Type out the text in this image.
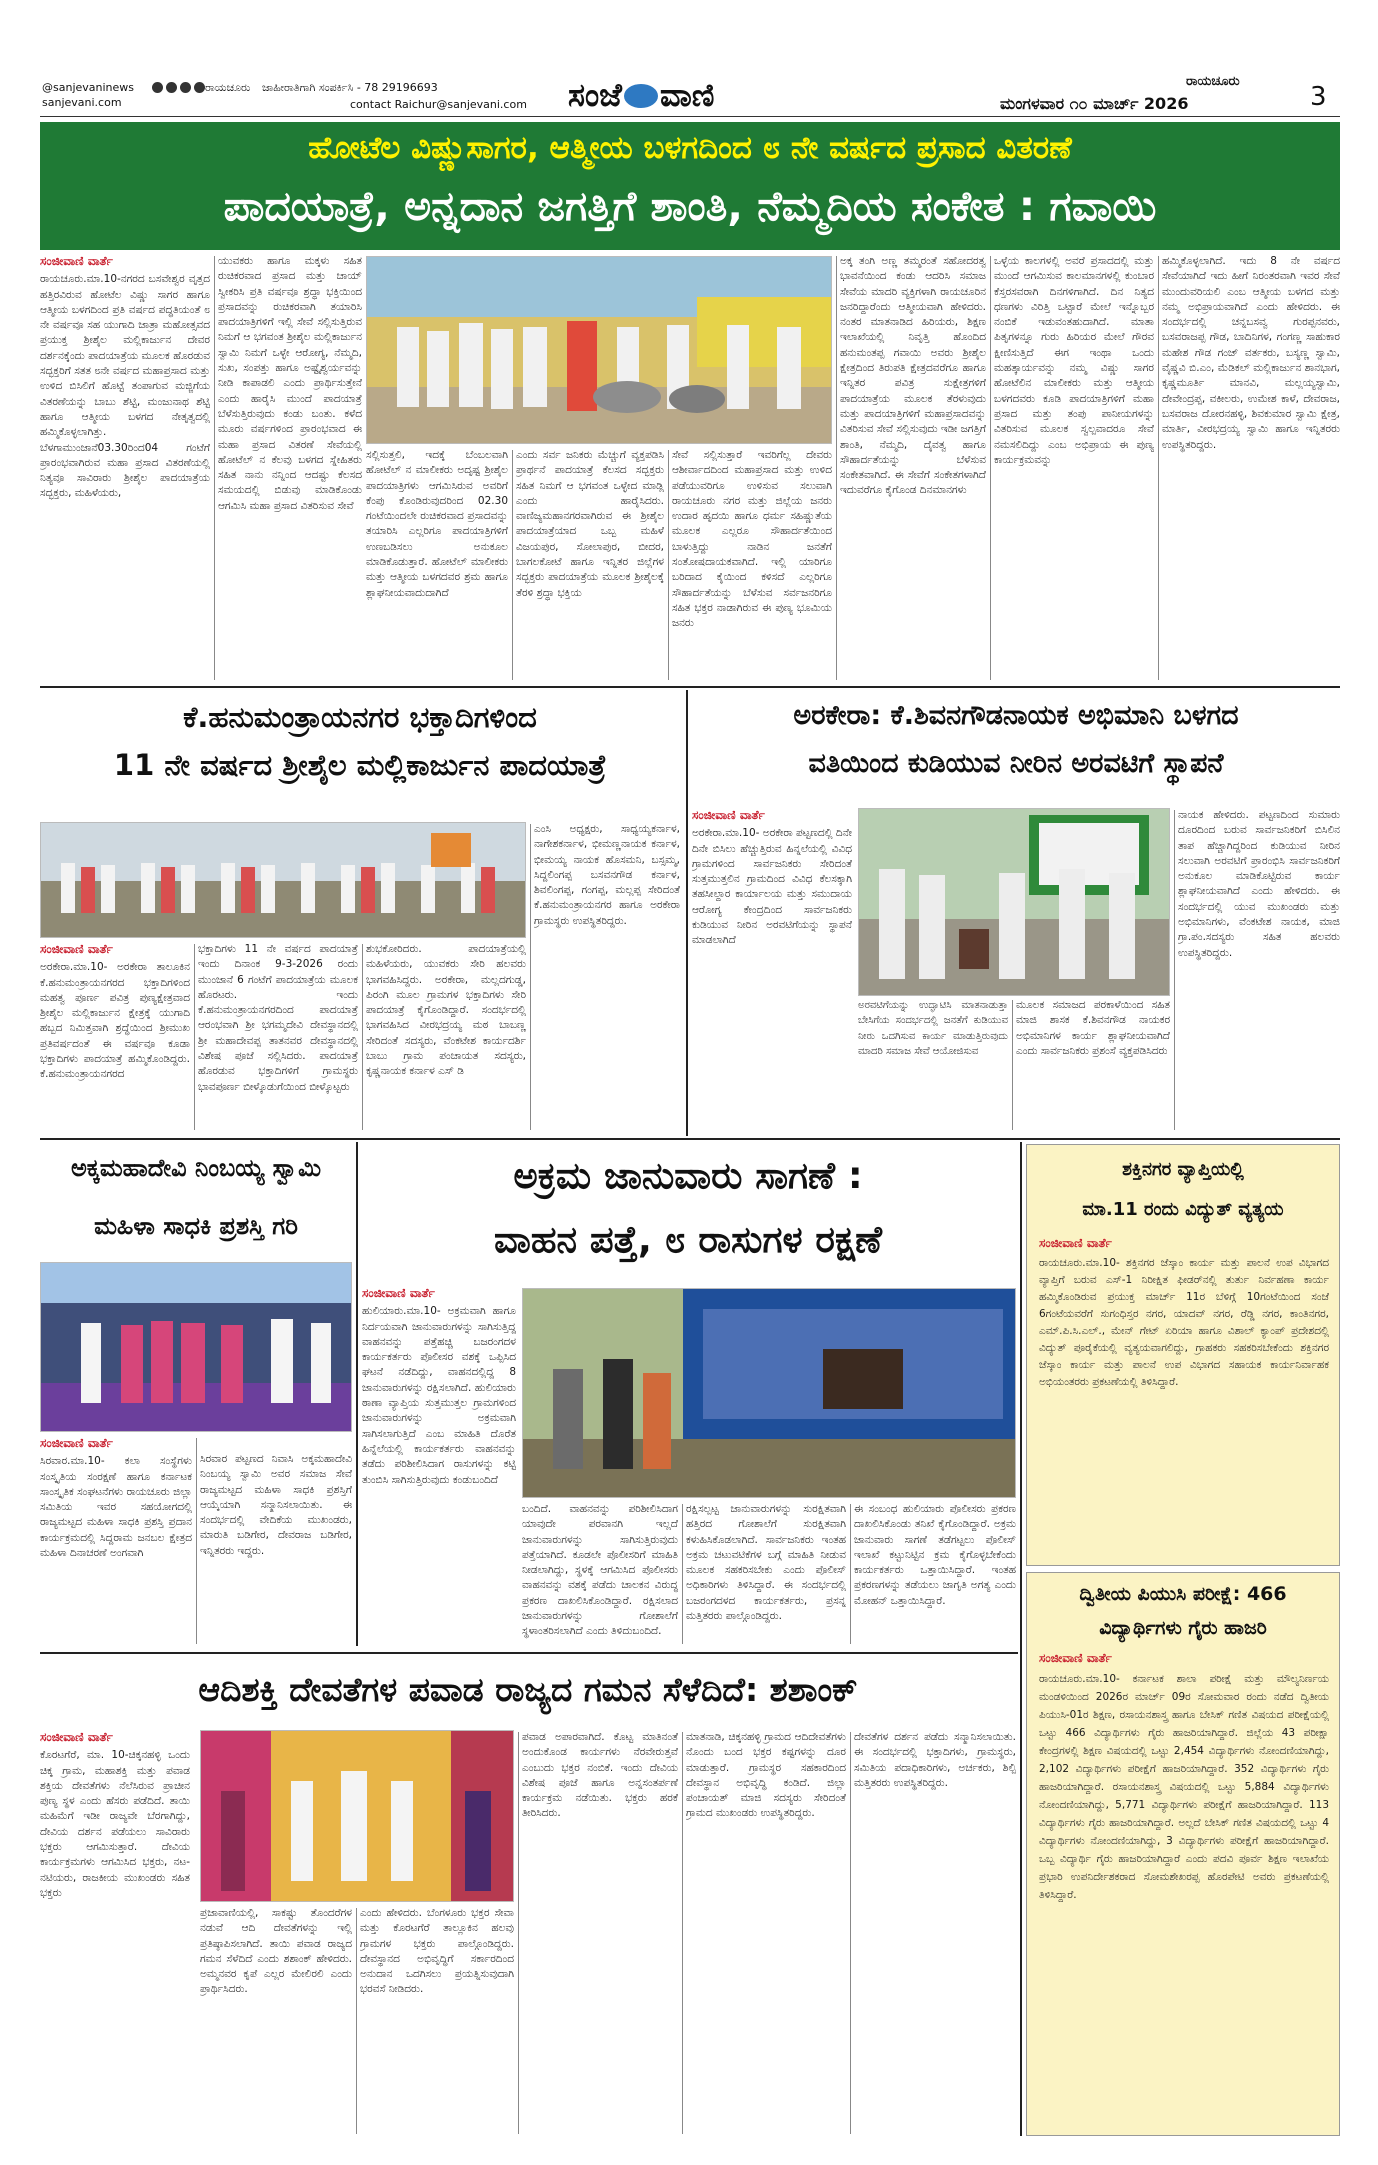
@sanjevaninews
sanjevani.com
ರಾಯಚೂರು ಜಾಹೀರಾತಿಗಾಗಿ ಸಂಪರ್ಕಿಸಿ - 78 29196693
contact Raichur@sanjevani.com ಸಂಜೆ ವಾಣಿ	ರಾಯಚೂರು
ಮಂಗಳವಾರ ೧೦ ಮಾರ್ಚ್ 2026	3
ಹೋಟೆಲ ವಿಷ್ಣುಸಾಗರ, ಆತ್ಮೀಯ ಬಳಗದಿಂದ ೮ ನೇ ವರ್ಷದ ಪ್ರಸಾದ ವಿತರಣೆ
ಪಾದಯಾತ್ರೆ, ಅನ್ನದಾನ ಜಗತ್ತಿಗೆ ಶಾಂತಿ, ನೆಮ್ಮದಿಯ ಸಂಕೇತ : ಗವಾಯಿ
ಸಂಜೀವಾಣಿ ವಾರ್ತೆ

ರಾಯಚೂರು.ಮಾ.10-ನಗರದ ಬಸವೇಶ್ವರ ವೃತ್ತದ ಹತ್ತಿರವಿರುವ ಹೋಟೆಲ ವಿಷ್ಣು ಸಾಗರ ಹಾಗೂ ಆತ್ಮೀಯ ಬಳಗದಿಂದ ಪ್ರತಿ ವರ್ಷದ ಪದ್ಧತಿಯಂತೆ ೮ ನೇ ವರ್ಷವೂ ಸಹ ಯುಗಾದಿ ಜಾತ್ರಾ ಮಹೋತ್ಸವದ ಪ್ರಯುಕ್ತ ಶ್ರೀಶೈಲ ಮಲ್ಲಿಕಾರ್ಜುನ ದೇವರ ದರ್ಶನಕ್ಕೆಂದು ಪಾದಯಾತ್ರೆಯ ಮೂಲಕ ಹೊರಡುವ ಸದ್ಭಕ್ತರಿಗೆ ಸತತ ೮ನೇ ವರ್ಷದ ಮಹಾಪ್ರಸಾದ ಮತ್ತು ಉಳಿದ ಬಿಸಿಲಿಗೆ ಹೊಟ್ಟೆ ತಂಪಾಗುವ ಮಜ್ಜಿಗೆಯ ವಿತರಣೆಯನ್ನು ಬಾಬು ಶೆಟ್ಟಿ, ಮಂಜುನಾಥ ಶೆಟ್ಟಿ ಹಾಗೂ ಆತ್ಮೀಯ ಬಳಗದ ನೇತೃತ್ವದಲ್ಲಿ ಹಮ್ಮಿಕೊಳ್ಳಲಾಗಿತ್ತು. ಬೆಳಗಾಮುಂಜಾನೆ03.30ರಿಂದ04 ಗಂಟೆಗೆ ಪ್ರಾರಂಭವಾಗಿರುವ ಮಹಾ ಪ್ರಸಾದ ವಿತರಣೆಯಲ್ಲಿ ನಿತ್ಯವೂ ಸಾವಿರಾರು ಶ್ರೀಶೈಲ ಪಾದಯಾತ್ರೆಯ ಸದ್ಭಕ್ತರು, ಮಹಿಳೆಯರು,

ಯುವಕರು ಹಾಗೂ ಮಕ್ಕಳು ಸಹಿತ ರುಚಿಕರವಾದ ಪ್ರಸಾದ ಮತ್ತು ಚಾಯ್ ಸ್ವೀಕರಿಸಿ ಪ್ರತಿ ವರ್ಷವೂ ಶ್ರದ್ಧಾ ಭಕ್ತಿಯಿಂದ ಪ್ರಸಾದವನ್ನು ರುಚಿಕರವಾಗಿ ತಯಾರಿಸಿ ಪಾದಯಾತ್ರಿಗಳಿಗೆ ಇಲ್ಲಿ ಸೇವೆ ಸಲ್ಲಿಸುತ್ತಿರುವ ನಿಮಗೆ ಆ ಭಗವಂತ ಶ್ರೀಶೈಲ ಮಲ್ಲಿಕಾರ್ಜುನ ಸ್ವಾಮಿ ನಿಮಗೆ ಒಳ್ಳೇ ಆರೋಗ್ಯ, ನೆಮ್ಮದಿ, ಸುಖ, ಸಂಪತ್ತು ಹಾಗೂ ಅಷ್ಟೈಶ್ವರ್ಯವನ್ನು ನೀಡಿ ಕಾಪಾಡಲಿ ಎಂದು ಪ್ರಾರ್ಥಿಸುತ್ತೇನೆ ಎಂದು ಹಾರೈಸಿ ಮುಂದೆ ಪಾದಯಾತ್ರೆ ಬೆಳೆಸುತ್ತಿರುವುದು ಕಂಡು ಬಂತು. ಕಳೆದ ಮೂರು ವರ್ಷಗಳಿಂದ ಪ್ರಾರಂಭವಾದ ಈ ಮಹಾ ಪ್ರಸಾದ ವಿತರಣೆ ಸೇವೆಯಲ್ಲಿ ಹೋಟೆಲ್ ನ ಕೆಲವು ಬಳಗದ ಸ್ನೇಹಿತರು ಸಹಿತ ನಾನು ನನ್ನಿಂದ ಆದಷ್ಟು ಕೆಲಸದ ಸಮಯದಲ್ಲಿ ಬಿಡುವು ಮಾಡಿಕೊಂಡು ಆಗಮಿಸಿ ಮಹಾ ಪ್ರಸಾದ ವಿತರಿಸುವ ಸೇವೆ

ಸಲ್ಲಿಸುತ್ತಲಿ, ಇದಕ್ಕೆ ಬೆಂಬಲವಾಗಿ ಹೋಟೆಲ್ ನ ಮಾಲೀಕರು ಅದೃಷ್ಟ ಶ್ರೀಶೈಲ ಪಾದಯಾತ್ರಿಗಳು ಆಗಮಿಸಿರುವ ಅವರಿಗೆ ಕೆಂಪು ಕೊಂಡಿರುವುದರಿಂದ 02.30 ಗಂಟೆಯಿಂದಲೇ ರುಚಿಕರವಾದ ಪ್ರಸಾದವನ್ನು ತಯಾರಿಸಿ ಎಲ್ಲರಿಗೂ ಪಾದಯಾತ್ರಿಗಳಿಗೆ ಉಣಬಡಿಸಲು ಅನುಕೂಲ ಮಾಡಿಕೊಡುತ್ತಾರೆ. ಹೋಟೆಲ್ ಮಾಲೀಕರು ಮತ್ತು ಆತ್ಮೀಯ ಬಳಗದವರ ಶ್ರಮ ಹಾಗೂ ಶ್ಲಾಘನೀಯವಾದುದಾಗಿದೆ

ಎಂದು ಸರ್ವ ಜನಿಕರು ಮೆಚ್ಚುಗೆ ವ್ಯಕ್ತಪಡಿಸಿ ಪ್ರಾರ್ಥನೆ ಪಾದಯಾತ್ರೆ ಕೆಲಸದ ಸದ್ಭಕ್ತರು ಸಹಿತ ನಿಮಗೆ ಆ ಭಗವಂತ ಒಳ್ಳೇದ ಮಾಡ್ಲಿ ಎಂದು ಹಾರೈಸಿದರು. ವಾಣಿಜ್ಯಮಹಾನಗರವಾಗಿರುವ ಈ ಶ್ರೀಶೈಲ ಪಾದಯಾತ್ರೆಯಾದ ಒಬ್ಬ ಮಹಿಳೆ ವಿಜಯಪುರ, ಸೋಲಾಪುರ, ಬೀದರ, ಬಾಗಲಕೋಟೆ ಹಾಗೂ ಇನ್ನಿತರ ಜಿಲ್ಲೆಗಳ ಸದ್ಭಕ್ತರು ಪಾದಯಾತ್ರೆಯ ಮೂಲಕ ಶ್ರೀಶೈಲಕ್ಕೆ ತೆರಳಿ ಶ್ರದ್ಧಾ ಭಕ್ತಿಯ

ಸೇವೆ ಸಲ್ಲಿಸುತ್ತಾರೆ ಇವರಿಗೆಲ್ಲ ದೇವರು ಆಶೀರ್ವಾದದಿಂದ ಮಹಾಪ್ರಸಾದ ಮತ್ತು ಉಳಿದ ಪಡೆಯುವರಿಗೂ ಉಳಿಸುವ ಸಲುವಾಗಿ ರಾಯಚೂರು ನಗರ ಮತ್ತು ಜಿಲ್ಲೆಯ ಜನರು ಉದಾರ ಹೃದಯಿ ಹಾಗೂ ಧರ್ಮ ಸಹಿಷ್ಣುತೆಯ ಮೂಲಕ ಎಲ್ಲರೂ ಸೌಹಾರ್ದತೆಯಿಂದ ಬಾಳುತ್ತಿದ್ದು ನಾಡಿನ ಜನತೆಗೆ ಸಂತೋಷದಾಯಕವಾಗಿದೆ. ಇಲ್ಲಿ ಯಾರಿಗೂ ಬರಿದಾದ ಕೈಯಿಂದ ಕಳಿಸದೆ ಎಲ್ಲರಿಗೂ ಸೌಹಾರ್ದತೆಯನ್ನು ಬೆಳೆಸುವ ಸರ್ವಜನರಿಗೂ ಸಹಿತ ಭಕ್ತರ ನಾಡಾಗಿರುವ ಈ ಪುಣ್ಯ ಭೂಮಿಯ ಜನರು

ಅಕ್ಕ ತಂಗಿ ಅಣ್ಣ ತಮ್ಮರಂತೆ ಸಹೋದರತ್ವ ಭಾವನೆಯಿಂದ ಕಂಡು ಆದರಿಸಿ ಸಮಾಜ ಸೇವೆಯ ಮಾದರಿ ವ್ಯಕ್ತಿಗಳಾಗಿ ರಾಯಚೂರಿನ ಜನರಿದ್ದಾರೆಂದು ಆತ್ಮೀಯವಾಗಿ ಹೇಳಿದರು. ನಂತರ ಮಾತನಾಡಿದ ಹಿರಿಯರು, ಶಿಕ್ಷಣ ಇಲಾಖೆಯಲ್ಲಿ ನಿವೃತ್ತಿ ಹೊಂದಿದ ಹನುಮಂತಪ್ಪ ಗವಾಯಿ ಅವರು ಶ್ರೀಶೈಲ ಕ್ಷೇತ್ರದಿಂದ ತಿರುಪತಿ ಕ್ಷೇತ್ರದವರೆಗೂ ಹಾಗೂ ಇನ್ನಿತರ ಪವಿತ್ರ ಸುಕ್ಷೇತ್ರಗಳಿಗೆ ಪಾದಯಾತ್ರೆಯ ಮೂಲಕ ತೆರಳುವುದು ಮತ್ತು ಪಾದಯಾತ್ರಿಗಳಿಗೆ ಮಹಾಪ್ರಸಾದವನ್ನು ವಿತರಿಸುವ ಸೇವೆ ಸಲ್ಲಿಸುವುದು ಇಡೀ ಜಗತ್ತಿಗೆ ಶಾಂತಿ, ನೆಮ್ಮದಿ, ದೈವತ್ವ ಹಾಗೂ ಸೌಹಾರ್ದತೆಯನ್ನು ಬೆಳೆಸುವ ಸಂಕೇತವಾಗಿದೆ. ಈ ಸೇವೆಗೆ ಸಂಕೇತಗಳಾಗಿದೆ ಇದುವರೆಗೂ ಕೈಗೊಂಡ ದಿನಮಾನಗಳು

ಒಳ್ಳೆಯ ಕಾಲಗಳಲ್ಲಿ ಅವರೆ ಪ್ರಸಾದದಲ್ಲಿ ಮತ್ತು ಮುಂದೆ ಆಗಮಿಸುವ ಕಾಲಮಾನಗಳಲ್ಲಿ ಕುಂಬಾರ ಕೆಸ್ತರಸವರಾಗಿ ದಿನಗಳಿಗಾಗಿದೆ. ದಿನ ನಿತ್ಯದ ಧಣಗಳು ವಿರಿತ್ತಿ ಒಟ್ಟಾರೆ ಮೇಲೆ ಇನ್ನೊಬ್ಬರ ನಂಬಿಕೆ ಇಡುವಂತಹುದಾಗಿದೆ. ಮಾತಾ ಪಿತೃಗಳನ್ನೂ ಗುರು ಹಿರಿಯರ ಮೇಲೆ ಗೌರವ ಕ್ಷೀಣಿಸುತ್ತಿದೆ ಈಗ ಇಂಥಾ ಒಂದು ಮಹತ್ಕಾರ್ಯವನ್ನು ನಮ್ಮ ವಿಷ್ಣು ಸಾಗರ ಹೋಟೆಲಿನ ಮಾಲೀಕರು ಮತ್ತು ಆತ್ಮೀಯ ಬಳಗದವರು ಕೂಡಿ ಪಾದಯಾತ್ರಿಗಳಿಗೆ ಮಹಾ ಪ್ರಸಾದ ಮತ್ತು ತಂಪು ಪಾನೀಯಗಳನ್ನು ವಿತರಿಸುವ ಮೂಲಕ ಸ್ವಲ್ಪವಾದರೂ ಸೇವೆ ನಮಸಲಿದಿದ್ದು ಎಂಬ ಅಭಿಪ್ರಾಯ ಈ ಪುಣ್ಯ ಕಾರ್ಯಕ್ರಮವನ್ನು

ಹಮ್ಮಿಕೊಳ್ಳಲಾಗಿದೆ. ಇದು 8 ನೇ ವರ್ಷದ ಸೇವೆಯಾಗಿದೆ ಇದು ಹೀಗೆ ನಿರಂತರವಾಗಿ ಇವರ ಸೇವೆ ಮುಂದುವರಿಯಲಿ ಎಂಬ ಆತ್ಮೀಯ ಬಳಗದ ಮತ್ತು ನಮ್ಮ ಅಭಿಪ್ರಾಯವಾಗಿದೆ ಎಂದು ಹೇಳಿದರು. ಈ ಸಂದರ್ಭದಲ್ಲಿ ಚನ್ನಬಸವ್ವ ಗುರಪ್ಪನವರು, ಬಸವರಾಜಪ್ಪ ಗೌಡ, ಬಾದಿನಿಗಳ, ಗಂಗಣ್ಣ ಸಾಹುಕಾರ ಮಹೇಶ ಗೌಡ ಗಂಜ್ ವರ್ತಕರು, ಬಸ್ಯಣ್ಣ ಸ್ವಾಮಿ, ವೈಷ್ಣವಿ ಬಿ.ಎಂ, ಮೆಡಿಕಲ್ ಮಲ್ಲಿಕಾರ್ಜುನ ಶಾನಭಾಗ, ಕೃಷ್ಣಮೂರ್ತಿ ಮಾನವಿ, ಮಲ್ಲಯ್ಯಸ್ವಾಮಿ, ದೇವೇಂದ್ರಪ್ಪ, ವಕೀಲರು, ಉಮೇಶ ಕಾಳೆ, ದೇವರಾಜ, ಬಸವರಾಜ ದೋರನಹಳ್ಳಿ, ಶಿವಕುಮಾರ ಸ್ವಾಮಿ ಕ್ಷೇತ್ರ, ಮಾರ್ತಿ, ವೀರಭದ್ರಯ್ಯ ಸ್ವಾಮಿ ಹಾಗೂ ಇನ್ನಿತರರು ಉಪಸ್ಥಿತರಿದ್ದರು.

ಕೆ.ಹನುಮಂತ್ರಾಯನಗರ ಭಕ್ತಾದಿಗಳಿಂದ
11 ನೇ ವರ್ಷದ ಶ್ರೀಶೈಲ ಮಲ್ಲಿಕಾರ್ಜುನ ಪಾದಯಾತ್ರೆ
ಸಂಜೀವಾಣಿ ವಾರ್ತೆ

ಅರಕೇರಾ.ಮಾ.10- ಅರಕೇರಾ ತಾಲೂಕಿನ ಕೆ.ಹನುಮಂತ್ರಾಯನಗರದ ಭಕ್ತಾದಿಗಳಿಂದ ಮಹತ್ವ ಪೂರ್ಣ ಪವಿತ್ರ ಪುಣ್ಯಕ್ಷೇತ್ರವಾದ ಶ್ರೀಶೈಲ ಮಲ್ಲಿಕಾರ್ಜುನ ಕ್ಷೇತ್ರಕ್ಕೆ ಯುಗಾದಿ ಹಬ್ಬದ ನಿಮಿತ್ತವಾಗಿ ಶ್ರದ್ಧೆಯಿಂದ ಶ್ರೀಮುಖ ಪ್ರತಿವರ್ಷದಂತೆ ಈ ವರ್ಷವೂ ಕೂಡಾ ಭಕ್ತಾದಿಗಳು ಪಾದಯಾತ್ರೆ ಹಮ್ಮಿಕೊಂಡಿದ್ದರು. ಕೆ.ಹನುಮಂತ್ರಾಯನಗರದ

ಭಕ್ತಾದಿಗಳು 11 ನೇ ವರ್ಷದ ಪಾದಯಾತ್ರೆ ಇಂದು ದಿನಾಂಕ 9-3-2026 ರಂದು ಮುಂಜಾನೆ 6 ಗಂಟೆಗೆ ಪಾದಯಾತ್ರೆಯ ಮೂಲಕ ಹೊರಟರು. ಇಂದು ಕೆ.ಹನುಮಂತ್ರಾಯನಗರದಿಂದ ಪಾದಯಾತ್ರೆ ಆರಂಭವಾಗಿ ಶ್ರೀ ಭಗಮ್ಮದೇವಿ ದೇವಸ್ಥಾನದಲ್ಲಿ ಶ್ರೀ ಮಹಾದೇವಪ್ಪ ತಾತನವರ ದೇವಸ್ಥಾನದಲ್ಲಿ ವಿಶೇಷ ಪೂಜೆ ಸಲ್ಲಿಸಿದರು. ಪಾದಯಾತ್ರೆ ಹೊರಡುವ ಭಕ್ತಾದಿಗಳಿಗೆ ಗ್ರಾಮಸ್ಥರು ಭಾವಪೂರ್ಣ ಬೀಳ್ಕೊಡುಗೆಯಿಂದ ಬೀಳ್ಕೊಟ್ಟರು

ಶುಭಕೋರಿದರು. ಪಾದಯಾತ್ರೆಯಲ್ಲಿ ಮಹಿಳೆಯರು, ಯುವಕರು ಸೇರಿ ಹಲವರು ಭಾಗವಹಿಸಿದ್ದರು. ಅರಕೇರಾ, ಮಲ್ಲದಗುಡ್ಡ, ಪಿರಂಗಿ ಮೂಲ ಗ್ರಾಮಗಳ ಭಕ್ತಾದಿಗಳು ಸೇರಿ ಪಾದಯಾತ್ರೆ ಕೈಗೊಂಡಿದ್ದಾರೆ. ಸಂದರ್ಭದಲ್ಲಿ ಭಾಗವಹಿಸಿದ ವೀರಭದ್ರಯ್ಯ ಮಠ ಬಾಬಣ್ಣ ಸೇರಿದಂತೆ ಸದಸ್ಯರು, ವೆಂಕಟೇಶ ಕಾರ್ಯದರ್ಶಿ ಬಾಬು ಗ್ರಾಮ ಪಂಚಾಯತ ಸದಸ್ಯರು, ಕೃಷ್ಣನಾಯಕ ಕರ್ನಾಳ ಎಸ್ ಡಿ

ಎಂಸಿ ಅಧ್ಯಕ್ಷರು, ಸಾಧ್ಯಯ್ಯಕರ್ನಾಳ, ನಾಗೇಶಕರ್ನಾಳ, ಭೀಮಣ್ಣನಾಯಕ ಕರ್ನಾಳ, ಭೀಮಯ್ಯ ನಾಯಕ ಹೊಸಮನಿ, ಬಸ್ಸಮ್ಮ, ಸಿದ್ದಲಿಂಗಪ್ಪ ಬಸವನಗೌಡ ಕರ್ನಾಳ, ಶಿವಲಿಂಗಪ್ಪ, ಗಂಗಪ್ಪ, ಮಲ್ಲಪ್ಪ ಸೇರಿದಂತೆ ಕೆ.ಹನುಮಂತ್ರಾಯನಗರ ಹಾಗೂ ಅರಕೇರಾ ಗ್ರಾಮಸ್ಥರು ಉಪಸ್ಥಿತರಿದ್ದರು.

ಅರಕೇರಾ: ಕೆ.ಶಿವನಗೌಡನಾಯಕ ಅಭಿಮಾನಿ ಬಳಗದ
ವತಿಯಿಂದ ಕುಡಿಯುವ ನೀರಿನ ಅರವಟಿಗೆ ಸ್ಥಾಪನೆ
ಸಂಜೀವಾಣಿ ವಾರ್ತೆ

ಅರಕೇರಾ.ಮಾ.10- ಅರಕೇರಾ ಪಟ್ಟಣದಲ್ಲಿ ದಿನೇ ದಿನೇ ಬಿಸಿಲು ಹೆಚ್ಚುತ್ತಿರುವ ಹಿನ್ನಲೆಯಲ್ಲಿ ವಿವಿಧ ಗ್ರಾಮಗಳಿಂದ ಸಾರ್ವಜನಿಕರು ಸೇರಿದಂತೆ ಸುತ್ತಮುತ್ತಲಿನ ಗ್ರಾಮದಿಂದ ವಿವಿಧ ಕೆಲಸಕ್ಕಾಗಿ ತಹಸೀಲ್ದಾರ ಕಾರ್ಯಾಲಯ ಮತ್ತು ಸಮುದಾಯ ಆರೋಗ್ಯ ಕೇಂದ್ರದಿಂದ ಸಾರ್ವಜನಿಕರು ಕುಡಿಯುವ ನೀರಿನ ಅರವಟಿಗೆಯನ್ನು ಸ್ಥಾಪನೆ ಮಾಡಲಾಗಿದೆ

ಅರವಟಿಗೆಯನ್ನು ಉದ್ಘಾಟಿಸಿ ಮಾತನಾಡುತ್ತಾ ಬೇಸಿಗೆಯ ಸಂದರ್ಭದಲ್ಲಿ ಜನತೆಗೆ ಕುಡಿಯುವ ನೀರು ಒದಗಿಸುವ ಕಾರ್ಯ ಮಾಡುತ್ತಿರುವುದು ಮಾದರಿ ಸಮಾಜ ಸೇವೆ ಆಯೋಜಿಸುವ

ಮೂಲಕ ಸಮಾಜದ ಪರಕಾಳೆಯಿಂದ ಸಹಿತ ಮಾಜಿ ಶಾಸಕ ಕೆ.ಶಿವನಗೌಡ ನಾಯಕರ ಅಭಿಮಾನಿಗಳ ಕಾರ್ಯ ಶ್ಲಾಘನೀಯವಾಗಿದೆ ಎಂದು ಸಾರ್ವಜನಿಕರು ಪ್ರಶಂಸೆ ವ್ಯಕ್ತಪಡಿಸಿದರು

ನಾಯಕ ಹೇಳಿದರು. ಪಟ್ಟಣದಿಂದ ಸುಮಾರು ದೂರದಿಂದ ಬರುವ ಸಾರ್ವಜನಿಕರಿಗೆ ಬಿಸಿಲಿನ ತಾಪ ಹೆಚ್ಚಾಗಿದ್ದರಿಂದ ಕುಡಿಯುವ ನೀರಿನ ಸಲುವಾಗಿ ಅರವಟಿಗೆ ಪ್ರಾರಂಭಿಸಿ ಸಾರ್ವಜನಿಕರಿಗೆ ಅನುಕೂಲ ಮಾಡಿಕೊಟ್ಟಿರುವ ಕಾರ್ಯ ಶ್ಲಾಘನೀಯವಾಗಿದೆ ಎಂದು ಹೇಳಿದರು. ಈ ಸಂದರ್ಭದಲ್ಲಿ ಯುವ ಮುಖಂಡರು ಮತ್ತು ಅಭಿಮಾನಿಗಳು, ವೆಂಕಟೇಶ ನಾಯಕ, ಮಾಜಿ ಗ್ರಾ.ಪಂ.ಸದಸ್ಯರು ಸಹಿತ ಹಲವರು ಉಪಸ್ಥಿತರಿದ್ದರು.

ಅಕ್ಕಮಹಾದೇವಿ ನಿಂಬಯ್ಯ ಸ್ವಾಮಿ
ಮಹಿಳಾ ಸಾಧಕಿ ಪ್ರಶಸ್ತಿ ಗರಿ
ಸಂಜೀವಾಣಿ ವಾರ್ತೆ

ಸಿರವಾರ.ಮಾ.10- ಕಲಾ ಸಂಸ್ಥೆಗಳು ಸಂಸ್ಕೃತಿಯ ಸಂರಕ್ಷಣೆ ಹಾಗೂ ಕರ್ನಾಟಕ ಸಾಂಸ್ಕೃತಿಕ ಸಂಘಟನೆಗಳು ರಾಯಚೂರು ಜಿಲ್ಲಾ ಸಮಿತಿಯ ಇವರ ಸಹಯೋಗದಲ್ಲಿ ರಾಜ್ಯಮಟ್ಟದ ಮಹಿಳಾ ಸಾಧಕಿ ಪ್ರಶಸ್ತಿ ಪ್ರದಾನ ಕಾರ್ಯಕ್ರಮದಲ್ಲಿ ಸಿದ್ದರಾಮ ಜನಬಲ ಕ್ಷೇತ್ರದ ಮಹಿಳಾ ದಿನಾಚರಣೆ ಅಂಗವಾಗಿ

ಸಿರವಾರ ಪಟ್ಟಣದ ನಿವಾಸಿ ಅಕ್ಕಮಹಾದೇವಿ ನಿಂಬಯ್ಯ ಸ್ವಾಮಿ ಅವರ ಸಮಾಜ ಸೇವೆ ರಾಜ್ಯಮಟ್ಟದ ಮಹಿಳಾ ಸಾಧಕಿ ಪ್ರಶಸ್ತಿಗೆ ಆಯ್ಕೆಯಾಗಿ ಸನ್ಮಾನಿಸಲಾಯಿತು. ಈ ಸಂದರ್ಭದಲ್ಲಿ ವೇದಿಕೆಯ ಮುಖಂಡರು, ಮಾರುತಿ ಬಡಿಗೇರ, ದೇವರಾಜ ಬಡಿಗೇರ, ಇನ್ನಿತರರು ಇದ್ದರು.

ಅಕ್ರಮ ಜಾನುವಾರು ಸಾಗಣೆ :
ವಾಹನ ಪತ್ತೆ, ೮ ರಾಸುಗಳ ರಕ್ಷಣೆ
ಸಂಜೀವಾಣಿ ವಾರ್ತೆ

ಹುಲಿಯಾರು.ಮಾ.10- ಅಕ್ರಮವಾಗಿ ಹಾಗೂ ನಿರ್ದಯವಾಗಿ ಜಾನುವಾರುಗಳನ್ನು ಸಾಗಿಸುತ್ತಿದ್ದ ವಾಹನವನ್ನು ಪತ್ತೆಹಚ್ಚಿ ಬಜರಂಗದಳ ಕಾರ್ಯಕರ್ತರು ಪೊಲೀಸರ ವಶಕ್ಕೆ ಒಪ್ಪಿಸಿದ ಘಟನೆ ನಡೆದಿದ್ದು, ವಾಹನದಲ್ಲಿದ್ದ 8 ಜಾನುವಾರುಗಳನ್ನು ರಕ್ಷಿಸಲಾಗಿದೆ. ಹುಲಿಯಾರು ಠಾಣಾ ವ್ಯಾಪ್ತಿಯ ಸುತ್ತಮುತ್ತಲ ಗ್ರಾಮಗಳಿಂದ ಜಾನುವಾರುಗಳನ್ನು ಅಕ್ರಮವಾಗಿ ಸಾಗಿಸಲಾಗುತ್ತಿದೆ ಎಂಬ ಮಾಹಿತಿ ದೊರೆತ ಹಿನ್ನೆಲೆಯಲ್ಲಿ ಕಾರ್ಯಕರ್ತರು ವಾಹನವನ್ನು ತಡೆದು ಪರಿಶೀಲಿಸಿದಾಗ ರಾಸುಗಳನ್ನು ಕಟ್ಟಿ ತುಂಬಿಸಿ ಸಾಗಿಸುತ್ತಿರುವುದು ಕಂಡುಬಂದಿದೆ

ಬಂದಿದೆ. ವಾಹನವನ್ನು ಪರಿಶೀಲಿಸಿದಾಗ ಯಾವುದೇ ಪರವಾನಗಿ ಇಲ್ಲದೆ ಜಾನುವಾರುಗಳನ್ನು ಸಾಗಿಸುತ್ತಿರುವುದು ಪತ್ತೆಯಾಗಿದೆ. ಕೂಡಲೇ ಪೊಲೀಸರಿಗೆ ಮಾಹಿತಿ ನೀಡಲಾಗಿದ್ದು, ಸ್ಥಳಕ್ಕೆ ಆಗಮಿಸಿದ ಪೊಲೀಸರು ವಾಹನವನ್ನು ವಶಕ್ಕೆ ಪಡೆದು ಚಾಲಕನ ವಿರುದ್ಧ ಪ್ರಕರಣ ದಾಖಲಿಸಿಕೊಂಡಿದ್ದಾರೆ. ರಕ್ಷಿಸಲಾದ ಜಾನುವಾರುಗಳನ್ನು ಗೋಶಾಲೆಗೆ ಸ್ಥಳಾಂತರಿಸಲಾಗಿದೆ ಎಂದು ತಿಳಿದುಬಂದಿದೆ.

ರಕ್ಷಿಸಲ್ಪಟ್ಟ ಜಾನುವಾರುಗಳನ್ನು ಸುರಕ್ಷಿತವಾಗಿ ಹತ್ತಿರದ ಗೋಶಾಲೆಗೆ ಸುರಕ್ಷಿತವಾಗಿ ಕಳುಹಿಸಿಕೊಡಲಾಗಿದೆ. ಸಾರ್ವಜನಿಕರು ಇಂತಹ ಅಕ್ರಮ ಚಟುವಟಿಕೆಗಳ ಬಗ್ಗೆ ಮಾಹಿತಿ ನೀಡುವ ಮೂಲಕ ಸಹಕರಿಸಬೇಕು ಎಂದು ಪೊಲೀಸ್ ಅಧಿಕಾರಿಗಳು ತಿಳಿಸಿದ್ದಾರೆ. ಈ ಸಂದರ್ಭದಲ್ಲಿ ಬಜರಂಗದಳದ ಕಾರ್ಯಕರ್ತರು, ಪ್ರಸನ್ನ ಮತ್ತಿತರರು ಪಾಲ್ಗೊಂಡಿದ್ದರು.

ಈ ಸಂಬಂಧ ಹುಲಿಯಾರು ಪೊಲೀಸರು ಪ್ರಕರಣ ದಾಖಲಿಸಿಕೊಂಡು ತನಿಖೆ ಕೈಗೊಂಡಿದ್ದಾರೆ. ಅಕ್ರಮ ಜಾನುವಾರು ಸಾಗಣೆ ತಡೆಗಟ್ಟಲು ಪೊಲೀಸ್ ಇಲಾಖೆ ಕಟ್ಟುನಿಟ್ಟಿನ ಕ್ರಮ ಕೈಗೊಳ್ಳಬೇಕೆಂದು ಕಾರ್ಯಕರ್ತರು ಒತ್ತಾಯಿಸಿದ್ದಾರೆ. ಇಂತಹ ಪ್ರಕರಣಗಳನ್ನು ತಡೆಯಲು ಜಾಗೃತಿ ಅಗತ್ಯ ಎಂದು ಮೋಹನ್ ಒತ್ತಾಯಿಸಿದ್ದಾರೆ.

ಶಕ್ತಿನಗರ ವ್ಯಾಪ್ತಿಯಲ್ಲಿ
ಮಾ.11 ರಂದು ವಿದ್ಯುತ್ ವ್ಯತ್ಯಯ
ಸಂಜೀವಾಣಿ ವಾರ್ತೆ

ರಾಯಚೂರು.ಮಾ.10- ಶಕ್ತಿನಗರ ಜೆಸ್ಕಾಂ ಕಾರ್ಯ ಮತ್ತು ಪಾಲನೆ ಉಪ ವಿಭಾಗದ ವ್ಯಾಪ್ತಿಗೆ ಬರುವ ಎಸ್-1 ನಿರೀಕ್ಷಿತ ಫೀಡರ್‌ನಲ್ಲಿ ತುರ್ತು ನಿರ್ವಹಣಾ ಕಾರ್ಯ ಹಮ್ಮಿಕೊಂಡಿರುವ ಪ್ರಯುಕ್ತ ಮಾರ್ಚ್ 11ರ ಬೆಳಿಗ್ಗೆ 10ಗಂಟೆಯಿಂದ ಸಂಜೆ 6ಗಂಟೆಯವರೆಗೆ ಸುಗಂಧಿಸ್ತರ ನಗರ, ಯಾದವ್ ನಗರ, ರೆಡ್ಡಿ ನಗರ, ಕಾಂತಿನಗರ, ಎಮ್.ಪಿ.ಸಿ.ಎಲ್., ಮೇನ್ ಗೇಟ್ ಏರಿಯಾ ಹಾಗೂ ವಿಶಾಲ್ ಕ್ಯಾಂಪ್ ಪ್ರದೇಶದಲ್ಲಿ ವಿದ್ಯುತ್ ಪೂರೈಕೆಯಲ್ಲಿ ವ್ಯತ್ಯಯವಾಗಲಿದ್ದು, ಗ್ರಾಹಕರು ಸಹಕರಿಸಬೇಕೆಂದು ಶಕ್ತಿನಗರ ಜೆಸ್ಕಾಂ ಕಾರ್ಯ ಮತ್ತು ಪಾಲನೆ ಉಪ ವಿಭಾಗದ ಸಹಾಯಕ ಕಾರ್ಯನಿರ್ವಾಹಕ ಅಭಿಯಂತರರು ಪ್ರಕಟಣೆಯಲ್ಲಿ ತಿಳಿಸಿದ್ದಾರೆ.

ದ್ವಿತೀಯ ಪಿಯುಸಿ ಪರೀಕ್ಷೆ: 466
ವಿದ್ಯಾರ್ಥಿಗಳು ಗೈರು ಹಾಜರಿ
ಸಂಜೀವಾಣಿ ವಾರ್ತೆ

ರಾಯಚೂರು.ಮಾ.10- ಕರ್ನಾಟಕ ಶಾಲಾ ಪರೀಕ್ಷೆ ಮತ್ತು ಮೌಲ್ಯನಿರ್ಣಯ ಮಂಡಳಿಯಿಂದ 2026ರ ಮಾರ್ಚ್ 09ರ ಸೋಮವಾರ ರಂದು ನಡೆದ ದ್ವಿತೀಯ ಪಿಯುಸಿ-01ರ ಶಿಕ್ಷಣ, ರಸಾಯನಶಾಸ್ತ್ರ ಹಾಗೂ ಬೇಸಿಕ್ ಗಣಿತ ವಿಷಯದ ಪರೀಕ್ಷೆಯಲ್ಲಿ ಒಟ್ಟು 466 ವಿದ್ಯಾರ್ಥಿಗಳು ಗೈರು ಹಾಜರಿಯಾಗಿದ್ದಾರೆ. ಜಿಲ್ಲೆಯ 43 ಪರೀಕ್ಷಾ ಕೇಂದ್ರಗಳಲ್ಲಿ ಶಿಕ್ಷಣ ವಿಷಯದಲ್ಲಿ ಒಟ್ಟು 2,454 ವಿದ್ಯಾರ್ಥಿಗಳು ನೋಂದಣಿಯಾಗಿದ್ದು, 2,102 ವಿದ್ಯಾರ್ಥಿಗಳು ಪರೀಕ್ಷೆಗೆ ಹಾಜರಿಯಾಗಿದ್ದಾರೆ. 352 ವಿದ್ಯಾರ್ಥಿಗಳು ಗೈರು ಹಾಜರಿಯಾಗಿದ್ದಾರೆ. ರಸಾಯನಶಾಸ್ತ್ರ ವಿಷಯದಲ್ಲಿ ಒಟ್ಟು 5,884 ವಿದ್ಯಾರ್ಥಿಗಳು ನೋಂದಣಿಯಾಗಿದ್ದು, 5,771 ವಿದ್ಯಾರ್ಥಿಗಳು ಪರೀಕ್ಷೆಗೆ ಹಾಜರಿಯಾಗಿದ್ದಾರೆ. 113 ವಿದ್ಯಾರ್ಥಿಗಳು ಗೈರು ಹಾಜರಿಯಾಗಿದ್ದಾರೆ. ಅಲ್ಲದೆ ಬೇಸಿಕ್ ಗಣಿತ ವಿಷಯದಲ್ಲಿ ಒಟ್ಟು 4 ವಿದ್ಯಾರ್ಥಿಗಳು ನೋಂದಣಿಯಾಗಿದ್ದು, 3 ವಿದ್ಯಾರ್ಥಿಗಳು ಪರೀಕ್ಷೆಗೆ ಹಾಜರಿಯಾಗಿದ್ದಾರೆ. ಒಬ್ಬ ವಿದ್ಯಾರ್ಥಿ ಗೈರು ಹಾಜರಿಯಾಗಿದ್ದಾರೆ ಎಂದು ಪದವಿ ಪೂರ್ವ ಶಿಕ್ಷಣ ಇಲಾಖೆಯ ಪ್ರಭಾರಿ ಉಪನಿರ್ದೇಶಕರಾದ ಸೋಮಶೇಖರಪ್ಪ ಹೊರಪೇಟಿ ಅವರು ಪ್ರಕಟಣೆಯಲ್ಲಿ ತಿಳಿಸಿದ್ದಾರೆ.

ಆದಿಶಕ್ತಿ ದೇವತೆಗಳ ಪವಾಡ ರಾಜ್ಯದ ಗಮನ ಸೆಳೆದಿದೆ: ಶಶಾಂಕ್
ಸಂಜೀವಾಣಿ ವಾರ್ತೆ

ಕೊರಟಗೆರೆ, ಮಾ. 10-ಚಿಕ್ಕನಹಳ್ಳಿ ಒಂದು ಚಿಕ್ಕ ಗ್ರಾಮ, ಮಹಾಶಕ್ತಿ ಮತ್ತು ಪವಾಡ ಶಕ್ತಿಯ ದೇವತೆಗಳು ನೆಲೆಸಿರುವ ಪ್ರಾಚೀನ ಪುಣ್ಯ ಸ್ಥಳ ಎಂದು ಹೆಸರು ಪಡೆದಿದೆ. ತಾಯಿ ಮಹಿಮೆಗೆ ಇಡೀ ರಾಜ್ಯವೇ ಬೆರಗಾಗಿದ್ದು, ದೇವಿಯ ದರ್ಶನ ಪಡೆಯಲು ಸಾವಿರಾರು ಭಕ್ತರು ಆಗಮಿಸುತ್ತಾರೆ. ದೇವಿಯ ಕಾರ್ಯಕ್ರಮಗಳು ಆಗಮಿಸಿದ ಭಕ್ತರು, ನಟ-ನಟಿಯರು, ರಾಜಕೀಯ ಮುಖಂಡರು ಸಹಿತ ಭಕ್ತರು

ಪ್ರಜಾವಾಣಿಯಲ್ಲಿ, ಸಾಕಷ್ಟು ತೊಂದರೆಗಳ ನಡುವೆ ಆದಿ ದೇವತೆಗಳನ್ನು ಇಲ್ಲಿ ಪ್ರತಿಷ್ಠಾಪಿಸಲಾಗಿದೆ. ತಾಯಿ ಪವಾಡ ರಾಜ್ಯದ ಗಮನ ಸೆಳೆದಿದೆ ಎಂದು ಶಶಾಂಕ್ ಹೇಳಿದರು. ಅಮ್ಮನವರ ಕೃಪೆ ಎಲ್ಲರ ಮೇಲಿರಲಿ ಎಂದು ಪ್ರಾರ್ಥಿಸಿದರು.

ಎಂದು ಹೇಳಿದರು. ಬೆಂಗಳೂರು ಭಕ್ತರ ಸೇವಾ ಮತ್ತು ಕೊರಟಗೆರೆ ತಾಲ್ಲೂಕಿನ ಹಲವು ಗ್ರಾಮಗಳ ಭಕ್ತರು ಪಾಲ್ಗೊಂಡಿದ್ದರು. ದೇವಸ್ಥಾನದ ಅಭಿವೃದ್ಧಿಗೆ ಸರ್ಕಾರದಿಂದ ಅನುದಾನ ಒದಗಿಸಲು ಪ್ರಯತ್ನಿಸುವುದಾಗಿ ಭರವಸೆ ನೀಡಿದರು.

ಪವಾಡ ಅಪಾರವಾಗಿದೆ. ಕೊಟ್ಟ ಮಾತಿನಂತೆ ಅಂದುಕೊಂಡ ಕಾರ್ಯಗಳು ನೆರವೇರುತ್ತವೆ ಎಂಬುದು ಭಕ್ತರ ನಂಬಿಕೆ. ಇಂದು ದೇವಿಯ ವಿಶೇಷ ಪೂಜೆ ಹಾಗೂ ಅನ್ನಸಂತರ್ಪಣೆ ಕಾರ್ಯಕ್ರಮ ನಡೆಯಿತು. ಭಕ್ತರು ಹರಕೆ ತೀರಿಸಿದರು.

ಮಾತನಾಡಿ, ಚಿಕ್ಕನಹಳ್ಳಿ ಗ್ರಾಮದ ಆದಿದೇವತೆಗಳು ನೊಂದು ಬಂದ ಭಕ್ತರ ಕಷ್ಟಗಳನ್ನು ದೂರ ಮಾಡುತ್ತಾರೆ. ಗ್ರಾಮಸ್ಥರ ಸಹಕಾರದಿಂದ ದೇವಸ್ಥಾನ ಅಭಿವೃದ್ಧಿ ಕಂಡಿದೆ. ಜಿಲ್ಲಾ ಪಂಚಾಯತ್ ಮಾಜಿ ಸದಸ್ಯರು ಸೇರಿದಂತೆ ಗ್ರಾಮದ ಮುಖಂಡರು ಉಪಸ್ಥಿತರಿದ್ದರು.

ದೇವತೆಗಳ ದರ್ಶನ ಪಡೆದು ಸನ್ಮಾನಿಸಲಾಯಿತು. ಈ ಸಂದರ್ಭದಲ್ಲಿ ಭಕ್ತಾದಿಗಳು, ಗ್ರಾಮಸ್ಥರು, ಸಮಿತಿಯ ಪದಾಧಿಕಾರಿಗಳು, ಅರ್ಚಕರು, ಶಿಲ್ಪಿ ಮತ್ತಿತರರು ಉಪಸ್ಥಿತರಿದ್ದರು.
